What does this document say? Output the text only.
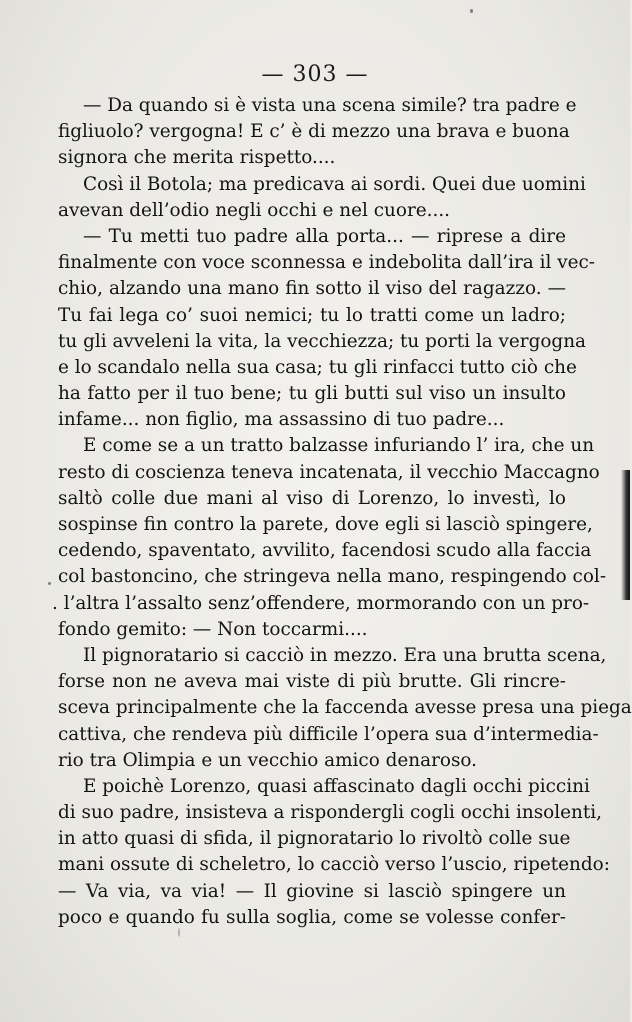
— 303 —
— Da quando si è vista una scena simile? tra padre e
figliuolo? vergogna! E c’ è di mezzo una brava e buona
signora che merita rispetto....
Così il Botola; ma predicava ai sordi. Quei due uomini
avevan dell’odio negli occhi e nel cuore....
— Tu metti tuo padre alla porta... — riprese a dire
finalmente con voce sconnessa e indebolita dall’ira il vec-
chio, alzando una mano fin sotto il viso del ragazzo. —
Tu fai lega co’ suoi nemici; tu lo tratti come un ladro;
tu gli avveleni la vita, la vecchiezza; tu porti la vergogna
e lo scandalo nella sua casa; tu gli rinfacci tutto ciò che
ha fatto per il tuo bene; tu gli butti sul viso un insulto
infame... non figlio, ma assassino di tuo padre...
E come se a un tratto balzasse infuriando l’ ira, che un
resto di coscienza teneva incatenata, il vecchio Maccagno
saltò colle due mani al viso di Lorenzo, lo investì, lo
sospinse fin contro la parete, dove egli si lasciò spingere,
cedendo, spaventato, avvilito, facendosi scudo alla faccia
col bastoncino, che stringeva nella mano, respingendo col-
. l’altra l’assalto senz’offendere, mormorando con un pro-
fondo gemito: — Non toccarmi....
Il pignoratario si cacciò in mezzo. Era una brutta scena,
forse non ne aveva mai viste di più brutte. Gli rincre-
sceva principalmente che la faccenda avesse presa una piega
cattiva, che rendeva più difficile l’opera sua d’intermedia-
rio tra Olimpia e un vecchio amico denaroso.
E poichè Lorenzo, quasi affascinato dagli occhi piccini
di suo padre, insisteva a rispondergli cogli occhi insolenti,
in atto quasi di sfida, il pignoratario lo rivoltò colle sue
mani ossute di scheletro, lo cacciò verso l’uscio, ripetendo:
— Va via, va via! — Il giovine si lasciò spingere un
poco e quando fu sulla soglia, come se volesse confer-
